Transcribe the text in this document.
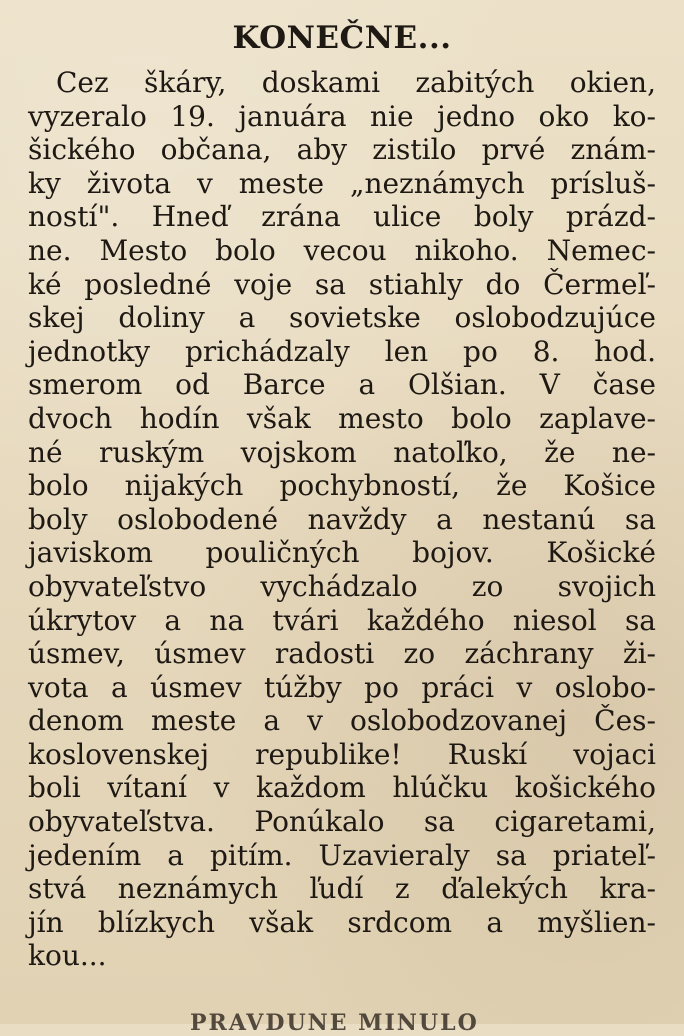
KONEČNE...
Cez škáry, doskami zabitých okien,
vyzeralo 19. januára nie jedno oko ko-
šického občana, aby zistilo prvé znám-
ky života v meste „neznámych prísluš-
ností". Hneď zrána ulice boly prázd-
ne. Mesto bolo vecou nikoho. Nemec-
ké posledné voje sa stiahly do Čermeľ-
skej doliny a sovietske oslobodzujúce
jednotky prichádzaly len po 8. hod.
smerom od Barce a Olšian. V čase
dvoch hodín však mesto bolo zaplave-
né ruským vojskom natoľko, že ne-
bolo nijakých pochybností, že Košice
boly oslobodené navždy a nestanú sa
javiskom pouličných bojov. Košické
obyvateľstvo vychádzalo zo svojich
úkrytov a na tvári každého niesol sa
úsmev, úsmev radosti zo záchrany ži-
vota a úsmev túžby po práci v oslobo-
denom meste a v oslobodzovanej Čes-
koslovenskej republike! Ruskí vojaci
boli vítaní v každom hlúčku košického
obyvateľstva. Ponúkalo sa cigaretami,
jedením a pitím. Uzavieraly sa priateľ-
stvá neznámych ľudí z ďalekých kra-
jín blízkych však srdcom a myšlien-
kou...
PRAVDUNE MINULO
